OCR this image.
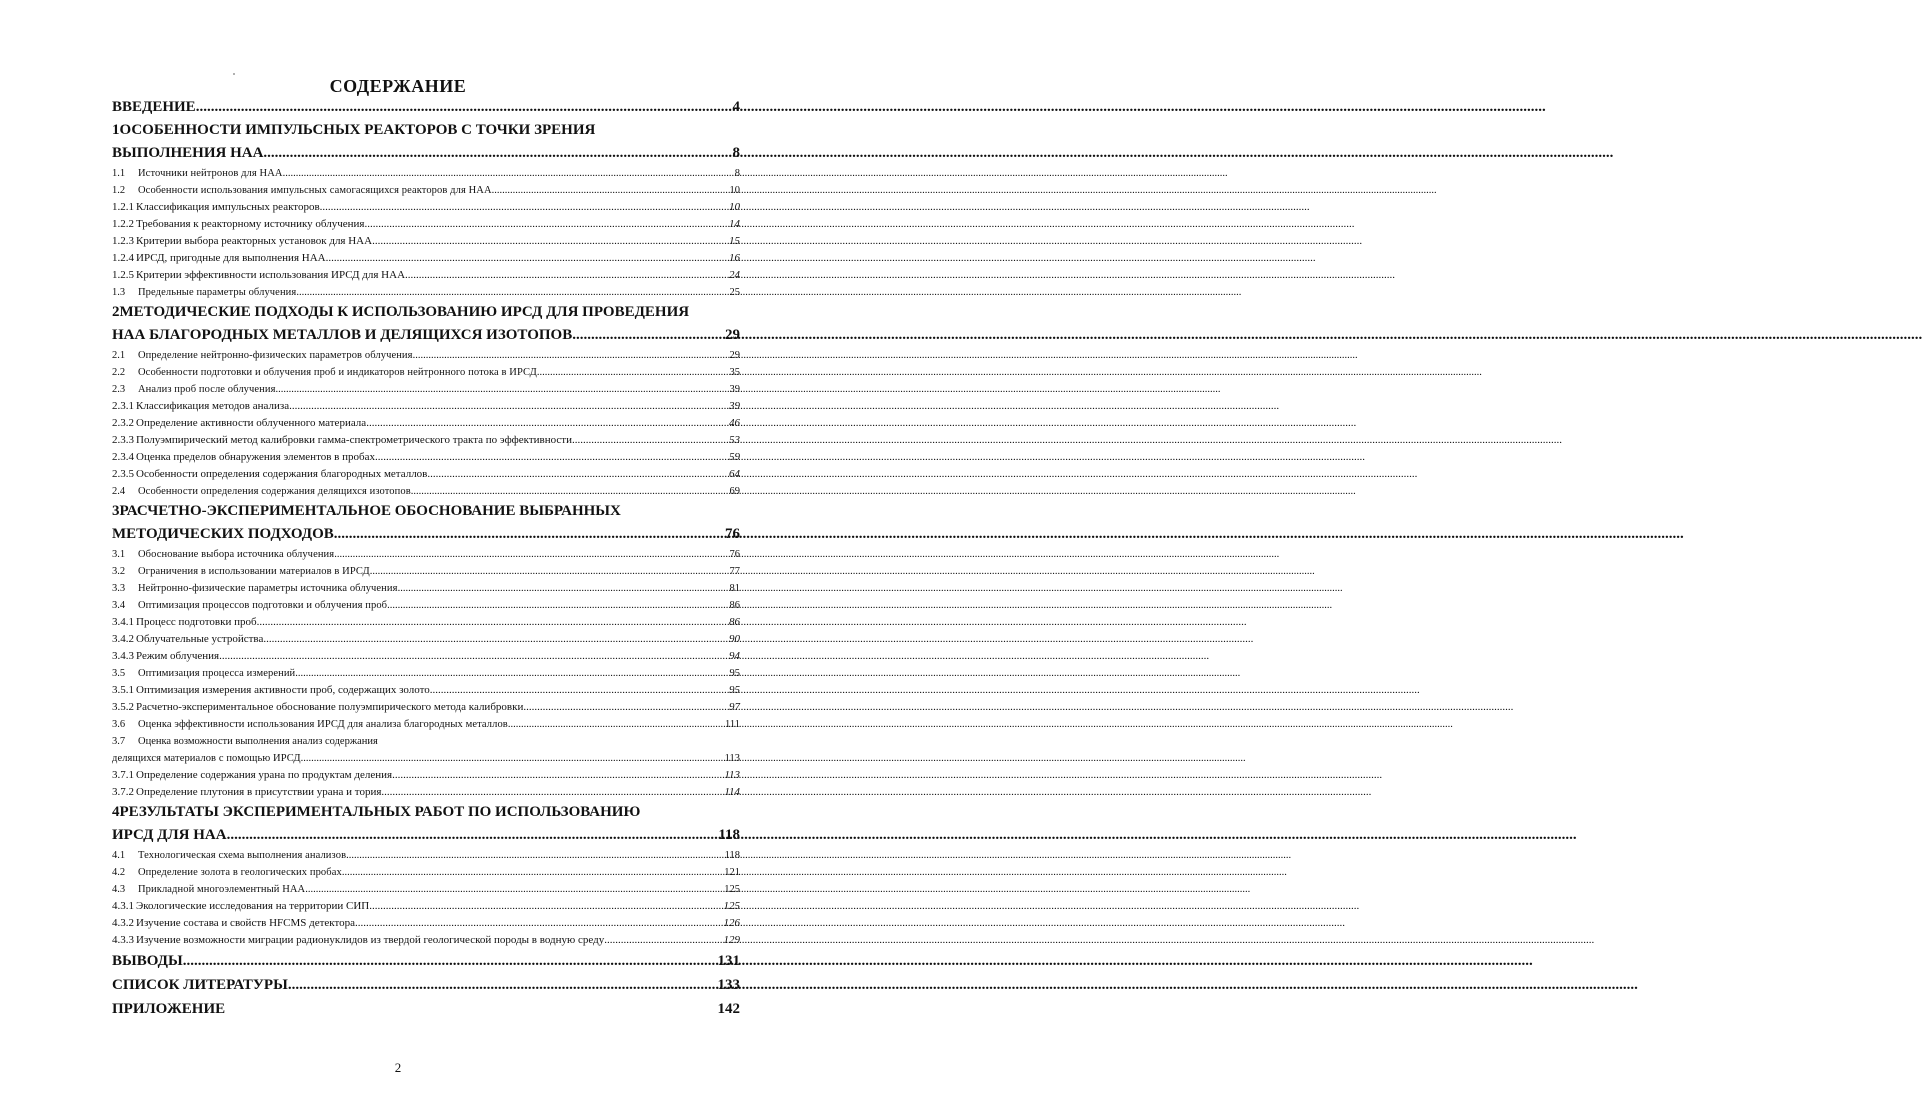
СОДЕРЖАНИЕ
ВВЕДЕНИЕ .....	4
1ОСОБЕННОСТИ ИМПУЛЬСНЫХ РЕАКТОРОВ С ТОЧКИ ЗРЕНИЯ
ВЫПОЛНЕНИЯ НАА .....	8
1.1	Источники нейтронов для НАА .....	8
1.2	Особенности использования импульсных самогасящихся реакторов для НАА .....	10
1.2.1 Классификация импульсных реакторов .....	10
1.2.2 Требования к реакторному источнику облучения .....	14
1.2.3 Критерии выбора реакторных установок для НАА .....	15
1.2.4 ИРСД, пригодные для выполнения НАА .....	16
1.2.5 Критерии эффективности использования ИРСД для НАА .....	24
1.3	Предельные параметры облучения .....	25
2МЕТОДИЧЕСКИЕ ПОДХОДЫ К ИСПОЛЬЗОВАНИЮ ИРСД ДЛЯ ПРОВЕДЕНИЯ
НАА БЛАГОРОДНЫХ МЕТАЛЛОВ И ДЕЛЯЩИХСЯ ИЗОТОПОВ .....	29
2.1	Определение нейтронно-физических параметров облучения .....	29
2.2	Особенности подготовки и облучения проб и индикаторов нейтронного потока в ИРСД .....	35
2.3	Анализ проб после облучения .....	39
2.3.1 Классификация методов анализа .....	39
2.3.2 Определение активности облученного материала .....	46
2.3.3 Полуэмпирический метод калибровки гамма-спектрометрического тракта по эффективности .....	53
2.3.4 Оценка пределов обнаружения элементов в пробах .....	59
2.3.5 Особенности определения содержания благородных металлов .....	64
2.4	Особенности определения содержания делящихся изотопов .....	69
3РАСЧЕТНО-ЭКСПЕРИМЕНТАЛЬНОЕ ОБОСНОВАНИЕ ВЫБРАННЫХ
МЕТОДИЧЕСКИХ ПОДХОДОВ .....	76
3.1	Обоснование выбора источника облучения .....	76
3.2	Ограничения в использовании материалов в ИРСД .....	77
3.3	Нейтронно-физические параметры источника облучения .....	81
3.4	Оптимизация процессов подготовки и облучения проб .....	86
3.4.1 Процесс подготовки проб .....	86
3.4.2 Облучательные устройства .....	90
3.4.3 Режим облучения .....	94
3.5	Оптимизация процесса измерений .....	95
3.5.1 Оптимизация измерения активности проб, содержащих золото .....	95
3.5.2 Расчетно-экспериментальное обоснование полуэмпирического метода калибровки .....	97
3.6	Оценка эффективности использования ИРСД для анализа благородных металлов .....	111
3.7 Оценка возможности выполнения анализ содержания
делящихся материалов с помощью ИРСД .....	113
3.7.1 Определение содержания урана по продуктам деления .....	113
3.7.2 Определение плутония в присутствии урана и тория .....	114
4РЕЗУЛЬТАТЫ ЭКСПЕРИМЕНТАЛЬНЫХ РАБОТ ПО ИСПОЛЬЗОВАНИЮ
ИРСД ДЛЯ НАА .....	118
4.1	Технологическая схема выполнения анализов .....	118
4.2	Определение золота в геологических пробах .....	121
4.3	Прикладной многоэлементный НАА .....	125
4.3.1 Экологические исследования на территории СИП .....	125
4.3.2 Изучение состава и свойств HFCMS детектора .....	126
4.3.3 Изучение возможности миграции радионуклидов из твердой геологической породы в водную среду .....	129
ВЫВОДЫ .....	131
СПИСОК ЛИТЕРАТУРЫ .....	133
ПРИЛОЖЕНИЕ	142
2
